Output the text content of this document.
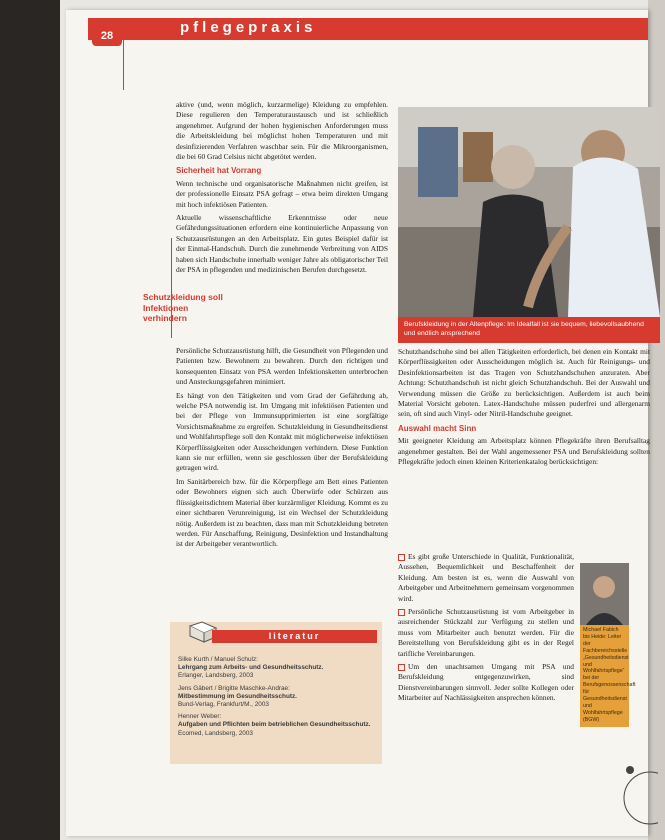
pflegepraxis
28

aktive (und, wenn möglich, kurzarmelige) Kleidung zu empfehlen. Diese regulieren den Temperaturaustausch und ist schließlich angenehmer. Aufgrund der hohen hygienischen Anforderungen muss die Arbeitskleidung bei möglichst hohen Temperaturen und mit desinfizierenden Verfahren waschbar sein. Für die Mikroorganismen, die bei 60 Grad Celsius nicht abgetötet werden.

Sicherheit hat Vorrang

Wenn technische und organisatorische Maßnahmen nicht greifen, ist der professionelle Einsatz PSA gefragt – etwa beim direkten Umgang mit hoch infektiösen Patienten.

Aktuelle wissenschaftliche Erkenntnisse oder neue Gefährdungssituationen erfordern eine kontinuierliche Anpassung von Schutzausrüstungen an den Arbeitsplatz. Ein gutes Beispiel dafür ist der Einmal-Handschuh. Durch die zunehmende Verbreitung von AIDS haben sich Handschuhe innerhalb weniger Jahre als obligatorischer Teil der PSA in pflegenden und medizinischen Berufen durchgesetzt.

Persönliche Schutzausrüstung hilft, die Gesundheit von Pflegenden und Patienten bzw. Bewohnern zu bewahren. Durch den richtigen und konsequenten Einsatz von PSA werden Infektionsketten unterbrochen und Ansteckungsgefahren minimiert.

Es hängt von den Tätigkeiten und vom Grad der Gefährdung ab, welche PSA notwendig ist. Im Umgang mit infektiösen Patienten und bei der Pflege von Immunsupprimierten ist eine sorgfältige Vorsichtsmaßnahme zu ergreifen. Schutzkleidung in Gesundheitsdienst und Wohlfahrtspflege soll den Kontakt mit möglicherweise infektiösen Körperflüssigkeiten oder Ausscheidungen verhindern. Diese Funktion kann sie nur erfüllen, wenn sie geschlossen über der Berufskleidung getragen wird.

Im Sanitärbereich bzw. für die Körperpflege am Bett eines Patienten oder Bewohners eignen sich auch Überwürfe oder Schürzen aus flüssigkeitsdichtem Material über kurzärmliger Kleidung. Kommt es zu einer sichtbaren Verunreinigung, ist ein Wechsel der Schutzkleidung nötig. Außerdem ist zu beachten, dass man mit Schutzkleidung betreten werden. Für Anschaffung, Reinigung, Desinfektion und Instandhaltung ist der Arbeitgeber verantwortlich.

Schutzkleidung soll Infektionen verhindern
Berufskleidung in der Altenpflege: Im Idealfall ist sie bequem, liebevollsaubhend und endlich ansprechend

Schutzhandschuhe sind bei allen Tätigkeiten erforderlich, bei denen ein Kontakt mit Körperflüssigkeiten oder Ausscheidungen möglich ist. Auch für Reinigungs- und Desinfektionsarbeiten ist das Tragen von Schutzhandschuhen anzuraten. Aber Achtung: Schutzhandschuh ist nicht gleich Schutzhandschuh. Bei der Auswahl und Verwendung müssen die Größe zu berücksichtigen. Außerdem ist auch beim Material Vorsicht geboten. Latex-Handschuhe müssen puderfrei und allergenarm sein, oft sind auch Vinyl- oder Nitril-Handschuhe geeignet.

Auswahl macht Sinn

Mit geeigneter Kleidung am Arbeitsplatz können Pflegekräfte ihren Berufsalltag angenehmer gestalten. Bei der Wahl angemessener PSA und Berufskleidung sollten Pflegekräfte jedoch einen kleinen Kriterienkatalog berücksichtigen:

Es gibt große Unterschiede in Qualität, Funktionalität, Aussehen, Bequemlichkeit und Beschaffenheit der Kleidung. Am besten ist es, wenn die Auswahl von Arbeitgeber und Arbeitnehmern gemeinsam vorgenommen wird.

Persönliche Schutzausrüstung ist vom Arbeitgeber in ausreichender Stückzahl zur Verfügung zu stellen und muss vom Mitarbeiter auch benutzt werden. Für die Bereitstellung von Berufskleidung gibt es in der Regel tarifliche Vereinbarungen.

Um den unachtsamen Umgang mit PSA und Berufskleidung entgegenzuwirken, sind Dienstvereinbarungen sinnvoll. Jeder sollte Kollegen oder Mitarbeiter auf Nachlässigkeiten ansprechen können.

Michael Fabich bis Heide: Leiter der Fachbereichsstelle „Gesundheitsdienst und Wohlfahrtspflege“ bei der Berufsgenossenschaft für Gesundheitsdienst und Wohlfahrtspflege (BGW)
literatur
Silke Kurth / Manuel Schulz:
Lehrgang zum Arbeits- und Gesundheitsschutz.
Erlanger, Landsberg, 2003
Jens Gäbert / Brigitte Maschke-Andrae:
Mitbestimmung im Gesundheitsschutz.
Bund-Verlag, Frankfurt/M., 2003
Henner Weber:
Aufgaben und Pflichten beim betrieblichen Gesundheitsschutz.
Ecomed, Landsberg, 2003
